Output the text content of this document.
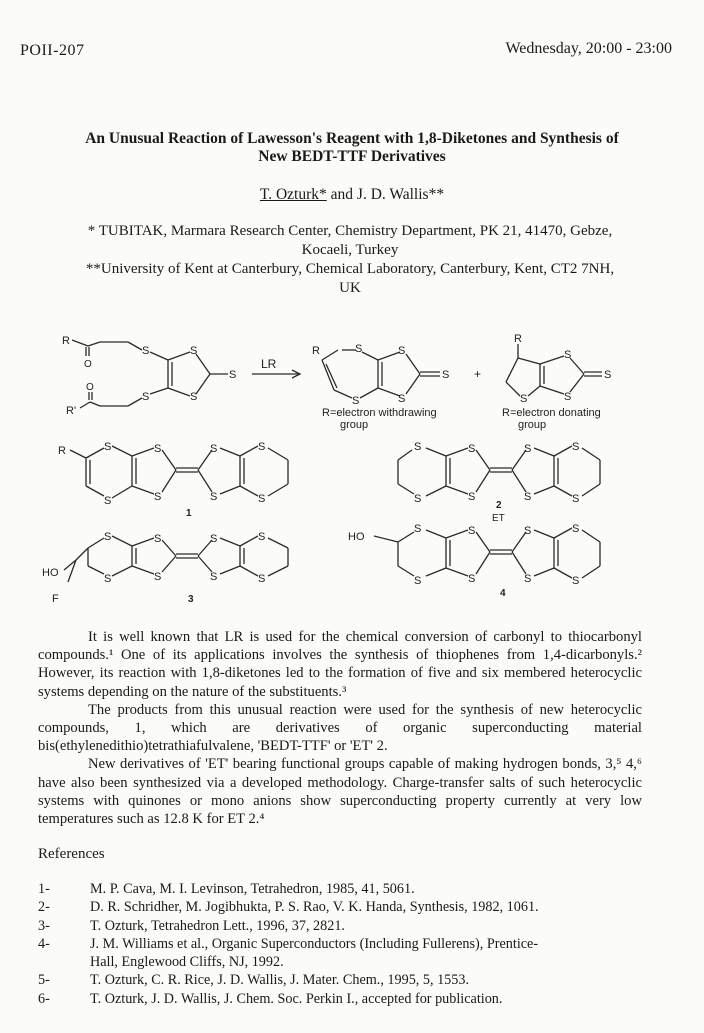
POII-207	Wednesday, 20:00 - 23:00
An Unusual Reaction of Lawesson's Reagent with 1,8-Diketones and Synthesis of
New BEDT-TTF Derivatives
T. Ozturk* and J. D. Wallis**
* TUBITAK, Marmara Research Center, Chemistry Department, PK 21, 41470, Gebze,
Kocaeli, Turkey
**University of Kent at Canterbury, Chemical Laboratory, Canterbury, Kent, CT2 7NH,
UK
R
O
O
R'
S
S
S
S
S
LR
R	S
S
S
S
S +
R=electron withdrawing
group
R
S
S
S
S
R=electron donating
group
R	S
S
S
S
S
S
S
S
1
S
S
S
S
S
S
S
S
2
ET
HO
F
S
S
S
S
S
S
S
S
3
HO
S
S
S
S
S
S
S
S
4

It is well known that LR is used for the chemical conversion of carbonyl to thiocarbonyl compounds.¹ One of its applications involves the synthesis of thiophenes from 1,4-dicarbonyls.² However, its reaction with 1,8-diketones led to the formation of five and six membered heterocyclic systems depending on the nature of the substituents.³

The products from this unusual reaction were used for the synthesis of new heterocyclic compounds, 1, which are derivatives of organic superconducting material bis(ethylenedithio)tetrathiafulvalene, 'BEDT-TTF' or 'ET' 2.

New derivatives of 'ET' bearing functional groups capable of making hydrogen bonds, 3,⁵ 4,⁶ have also been synthesized via a developed methodology. Charge-transfer salts of such heterocyclic systems with quinones or mono anions show superconducting property currently at very low temperatures such as 12.8 K for ET 2.⁴

References
1-	M. P. Cava, M. I. Levinson, Tetrahedron, 1985, 41, 5061.
2-	D. R. Schridher, M. Jogibhukta, P. S. Rao, V. K. Handa, Synthesis, 1982, 1061.
3-	T. Ozturk, Tetrahedron Lett., 1996, 37, 2821.
4-	J. M. Williams et al., Organic Superconductors (Including Fullerens), Prentice-
Hall, Englewood Cliffs, NJ, 1992.
5-	T. Ozturk, C. R. Rice, J. D. Wallis, J. Mater. Chem., 1995, 5, 1553.
6-	T. Ozturk, J. D. Wallis, J. Chem. Soc. Perkin I., accepted for publication.
